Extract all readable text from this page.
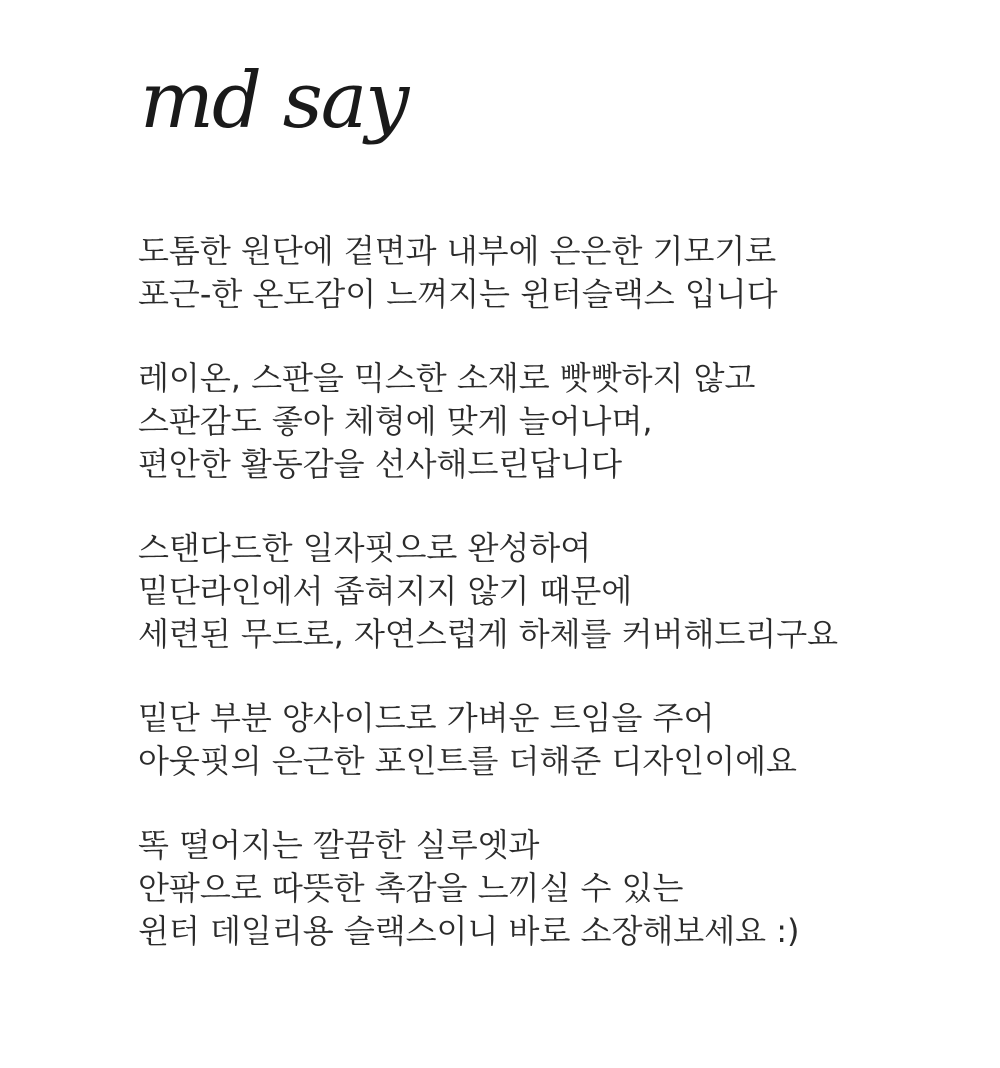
md say
도톰한 원단에 겉면과 내부에 은은한 기모기로
포근-한 온도감이 느껴지는 윈터슬랙스 입니다
레이온, 스판을 믹스한 소재로 빳빳하지 않고
스판감도 좋아 체형에 맞게 늘어나며,
편안한 활동감을 선사해드린답니다
스탠다드한 일자핏으로 완성하여
밑단라인에서 좁혀지지 않기 때문에
세련된 무드로, 자연스럽게 하체를 커버해드리구요
밑단 부분 양사이드로 가벼운 트임을 주어
아웃핏의 은근한 포인트를 더해준 디자인이에요
똑 떨어지는 깔끔한 실루엣과
안팎으로 따뜻한 촉감을 느끼실 수 있는
윈터 데일리용 슬랙스이니 바로 소장해보세요 :)
